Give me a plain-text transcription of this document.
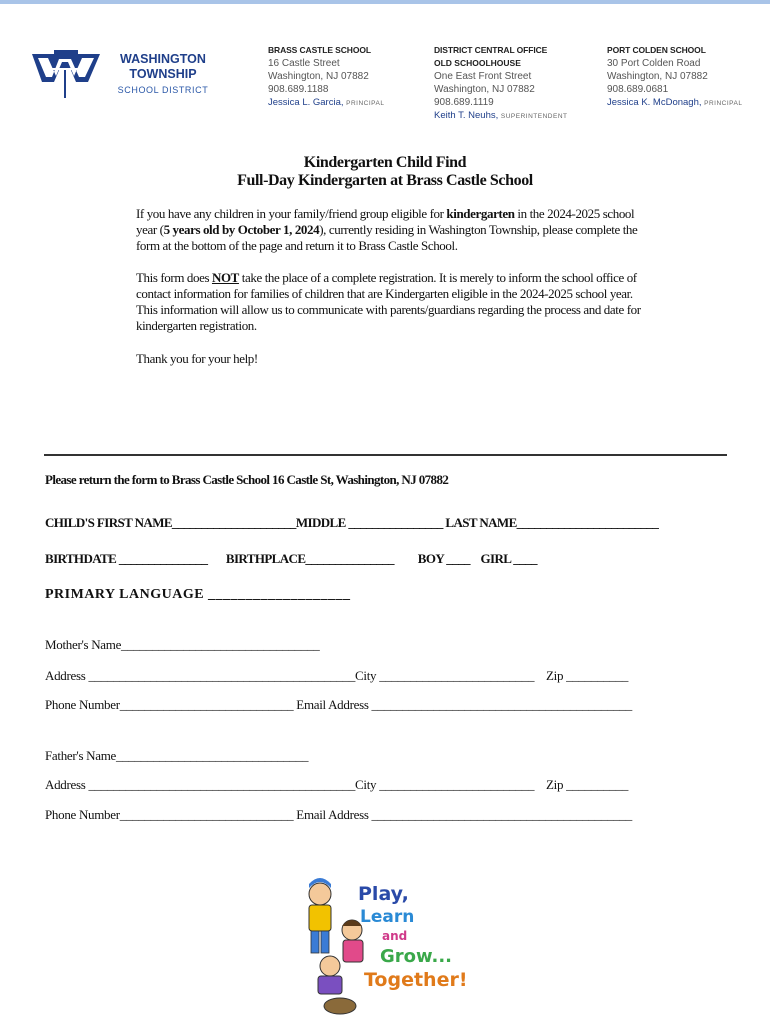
WASHINGTON
TOWNSHIP
SCHOOL DISTRICT
BRASS CASTLE SCHOOL
16 Castle Street
Washington, NJ 07882
908.689.1188
Jessica L. Garcia, PRINCIPAL
DISTRICT CENTRAL OFFICE
OLD SCHOOLHOUSE
One East Front Street
Washington, NJ 07882
908.689.1119
Keith T. Neuhs, SUPERINTENDENT
PORT COLDEN SCHOOL
30 Port Colden Road
Washington, NJ 07882
908.689.0681
Jessica K. McDonagh, PRINCIPAL
Kindergarten Child Find
Full-Day Kindergarten at Brass Castle School

If you have any children in your family/friend group eligible for kindergarten in the 2024-2025 school year (5 years old by October 1, 2024), currently residing in Washington Township, please complete the form at the bottom of the page and return it to Brass Castle School.

This form does NOT take the place of a complete registration. It is merely to inform the school office of contact information for families of children that are Kindergarten eligible in the 2024-2025 school year. This information will allow us to communicate with parents/guardians regarding the process and date for kindergarten registration.

Thank you for your help!

Please return the form to Brass Castle School 16 Castle St, Washington, NJ 07882
CHILD'S FIRST NAME_____________________MIDDLE ________________ LAST NAME________________________
BIRTHDATE _______________       BIRTHPLACE_______________         BOY ____    GIRL ____
PRIMARY LANGUAGE ___________________
Mother's Name________________________________
Address ___________________________________________City _________________________    Zip __________
Phone Number____________________________ Email Address __________________________________________
Father's Name_______________________________
Address ___________________________________________City _________________________    Zip __________
Phone Number____________________________ Email Address __________________________________________
Play,
Learn
and
Grow...
Together!
